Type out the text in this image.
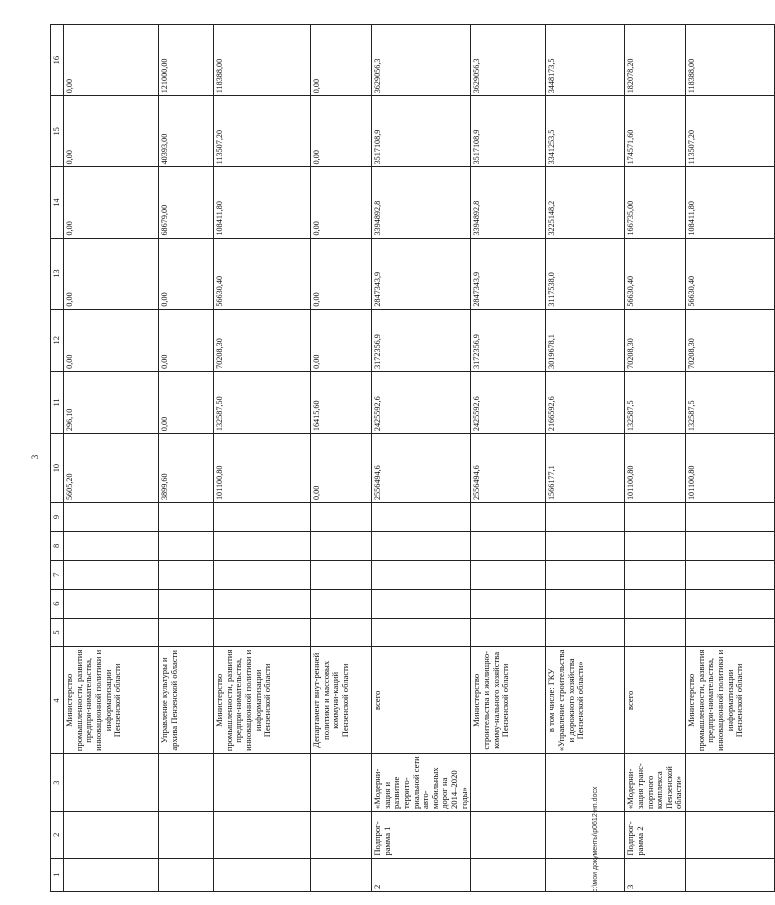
3
1	2	3	4	5	6	7	8	9	10	11	12	13	14	15	16
			Министерство промышленности, развития предпри-нимательства, инновационной политики и информатизации Пензенской области						5605,20	296,10	0,00	0,00	0,00	0,00	0,00
			Управление культуры и архива Пензенской области						3899,60	0,00	0,00	0,00	68679,00	40393,00	121000,00
			Министерство промышленности, развития предпри-нимательства, инновационной политики и информатизации Пензенской области						101100,80	132587,50	70208,30	56630,40	108411,80	113507,20	118388,00
			Департамент внут-ренней политики и массовых коммуни-каций Пензенской области						0,00	16415,60	0,00	0,00	0,00	0,00	0,00
2	Подпрог-рамма 1	«Модерни-зация и развитие террито-риальной сети авто-мобильных дорог на 2014–2020 годы»	всего						2556494,6	2425592,6	3172356,9	2847343,9	3394892,8	3517108,9	3629056,3
			Министерство строительства и жилищно-комму-нального хозяйства Пензенской области						2556494,6	2425592,6	3172356,9	2847343,9	3394892,8	3517108,9	3629056,3
			в том числе: ГКУ «Управление строительства и дорожного хозяйства Пензенской области»						1566177,1	2166592,6	3019678,1	3117538,0	3225148,2	3341253,5	3448173,5
3	Подпрог-рамма 2	«Модерни-зация транс-портного комплекса Пензенской области»	всего						101100,80	132587,5	70208,30	56630,40	166735,00	174571,60	182078,20
			Министерство промышленности, развития предпри-нимательства, инновационной политики и информатизации Пензенской области						101100,80	132587,5	70208,30	56630,40	108411,80	113507,20	118388,00
c:\мои документы\р0612-нп.docx
